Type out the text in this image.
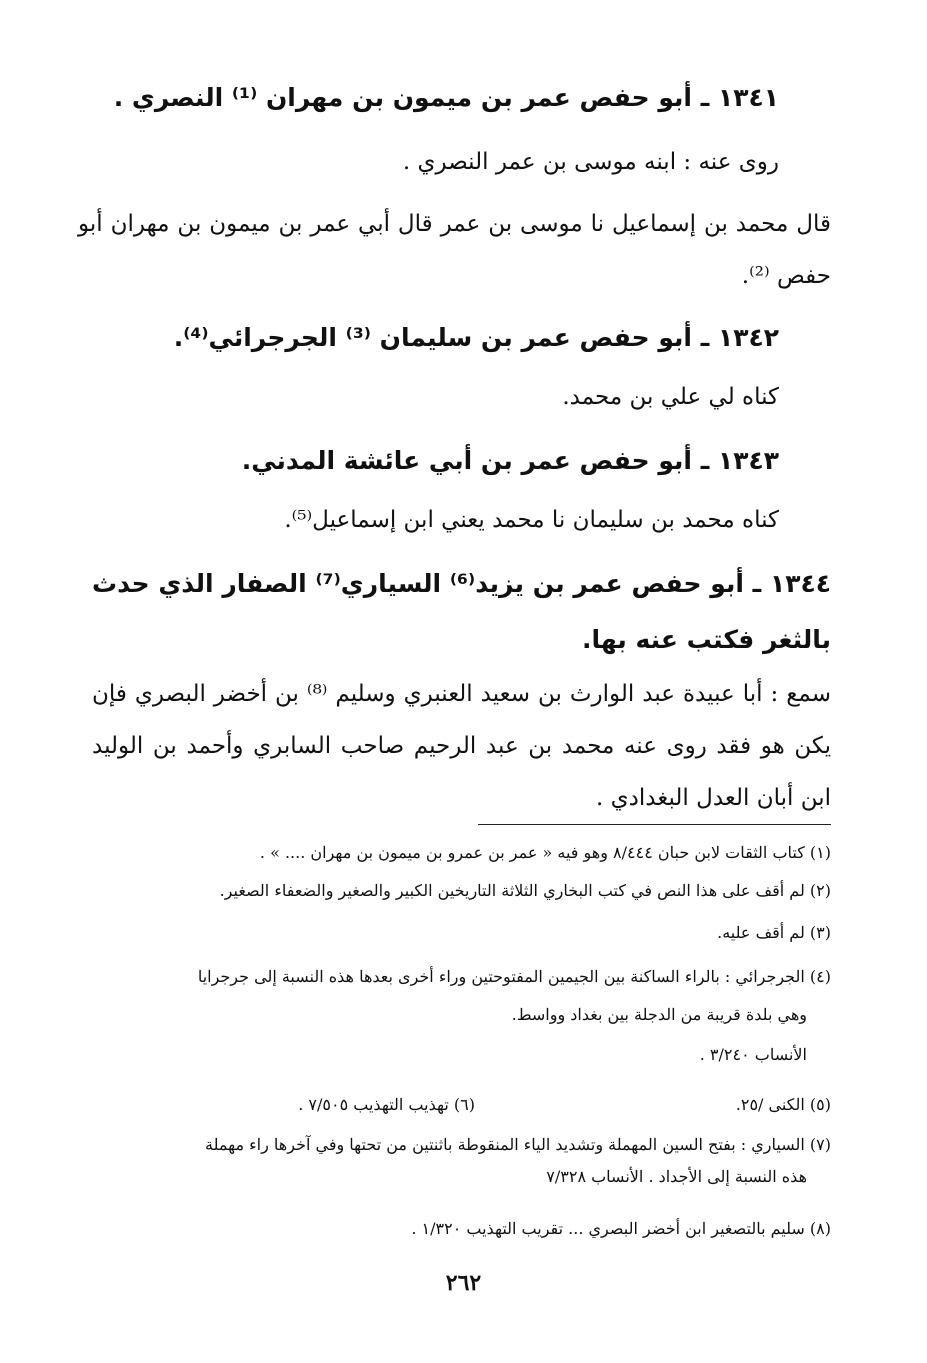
١٣٤١ ـ أبو حفص عمر بن ميمون بن مهران ⁽¹⁾ النصري .
روى عنه : ابنه موسى بن عمر النصري .
قال محمد بن إسماعيل نا موسى بن عمر قال أبي عمر بن ميمون بن مهران أبو حفص ⁽²⁾.
١٣٤٢ ـ أبو حفص عمر بن سليمان ⁽³⁾ الجرجرائي⁽⁴⁾.
كناه لي علي بن محمد.
١٣٤٣ ـ أبو حفص عمر بن أبي عائشة المدني.
كناه محمد بن سليمان نا محمد يعني ابن إسماعيل⁽⁵⁾.
١٣٤٤ ـ أبو حفص عمر بن يزيد⁽⁶⁾ السياري⁽⁷⁾ الصفار الذي حدث بالثغر فكتب عنه بها.
سمع : أبا عبيدة عبد الوارث بن سعيد العنبري وسليم ⁽⁸⁾ بن أخضر البصري فإن يكن هو فقد روى عنه محمد بن عبد الرحيم صاحب السابري وأحمد بن الوليد ابن أبان العدل البغدادي .
(١) كتاب الثقات لابن حبان ٨/٤٤٤ وهو فيه « عمر بن عمرو بن ميمون بن مهران .... » .
(٢) لم أقف على هذا النص في كتب البخاري الثلاثة التاريخين الكبير والصغير والضعفاء الصغير.
(٣) لم أقف عليه.
(٤) الجرجرائي : بالراء الساكنة بين الجيمين المفتوحتين وراء أخرى بعدها هذه النسبة إلى جرجرايا
وهي بلدة قريبة من الدجلة بين بغداد وواسط.
الأنساب ٣/٢٤٠ .
(٥) الكنى /٢٥.
(٦) تهذيب التهذيب ٧/٥٠٥ .
(٧) السياري : بفتح السين المهملة وتشديد الياء المنقوطة باثنتين من تحتها وفي آخرها راء مهملة
هذه النسبة إلى الأجداد . الأنساب ٧/٣٢٨
(٨) سليم بالتصغير ابن أخضر البصري ... تقريب التهذيب ١/٣٢٠ .
٢٦٢
